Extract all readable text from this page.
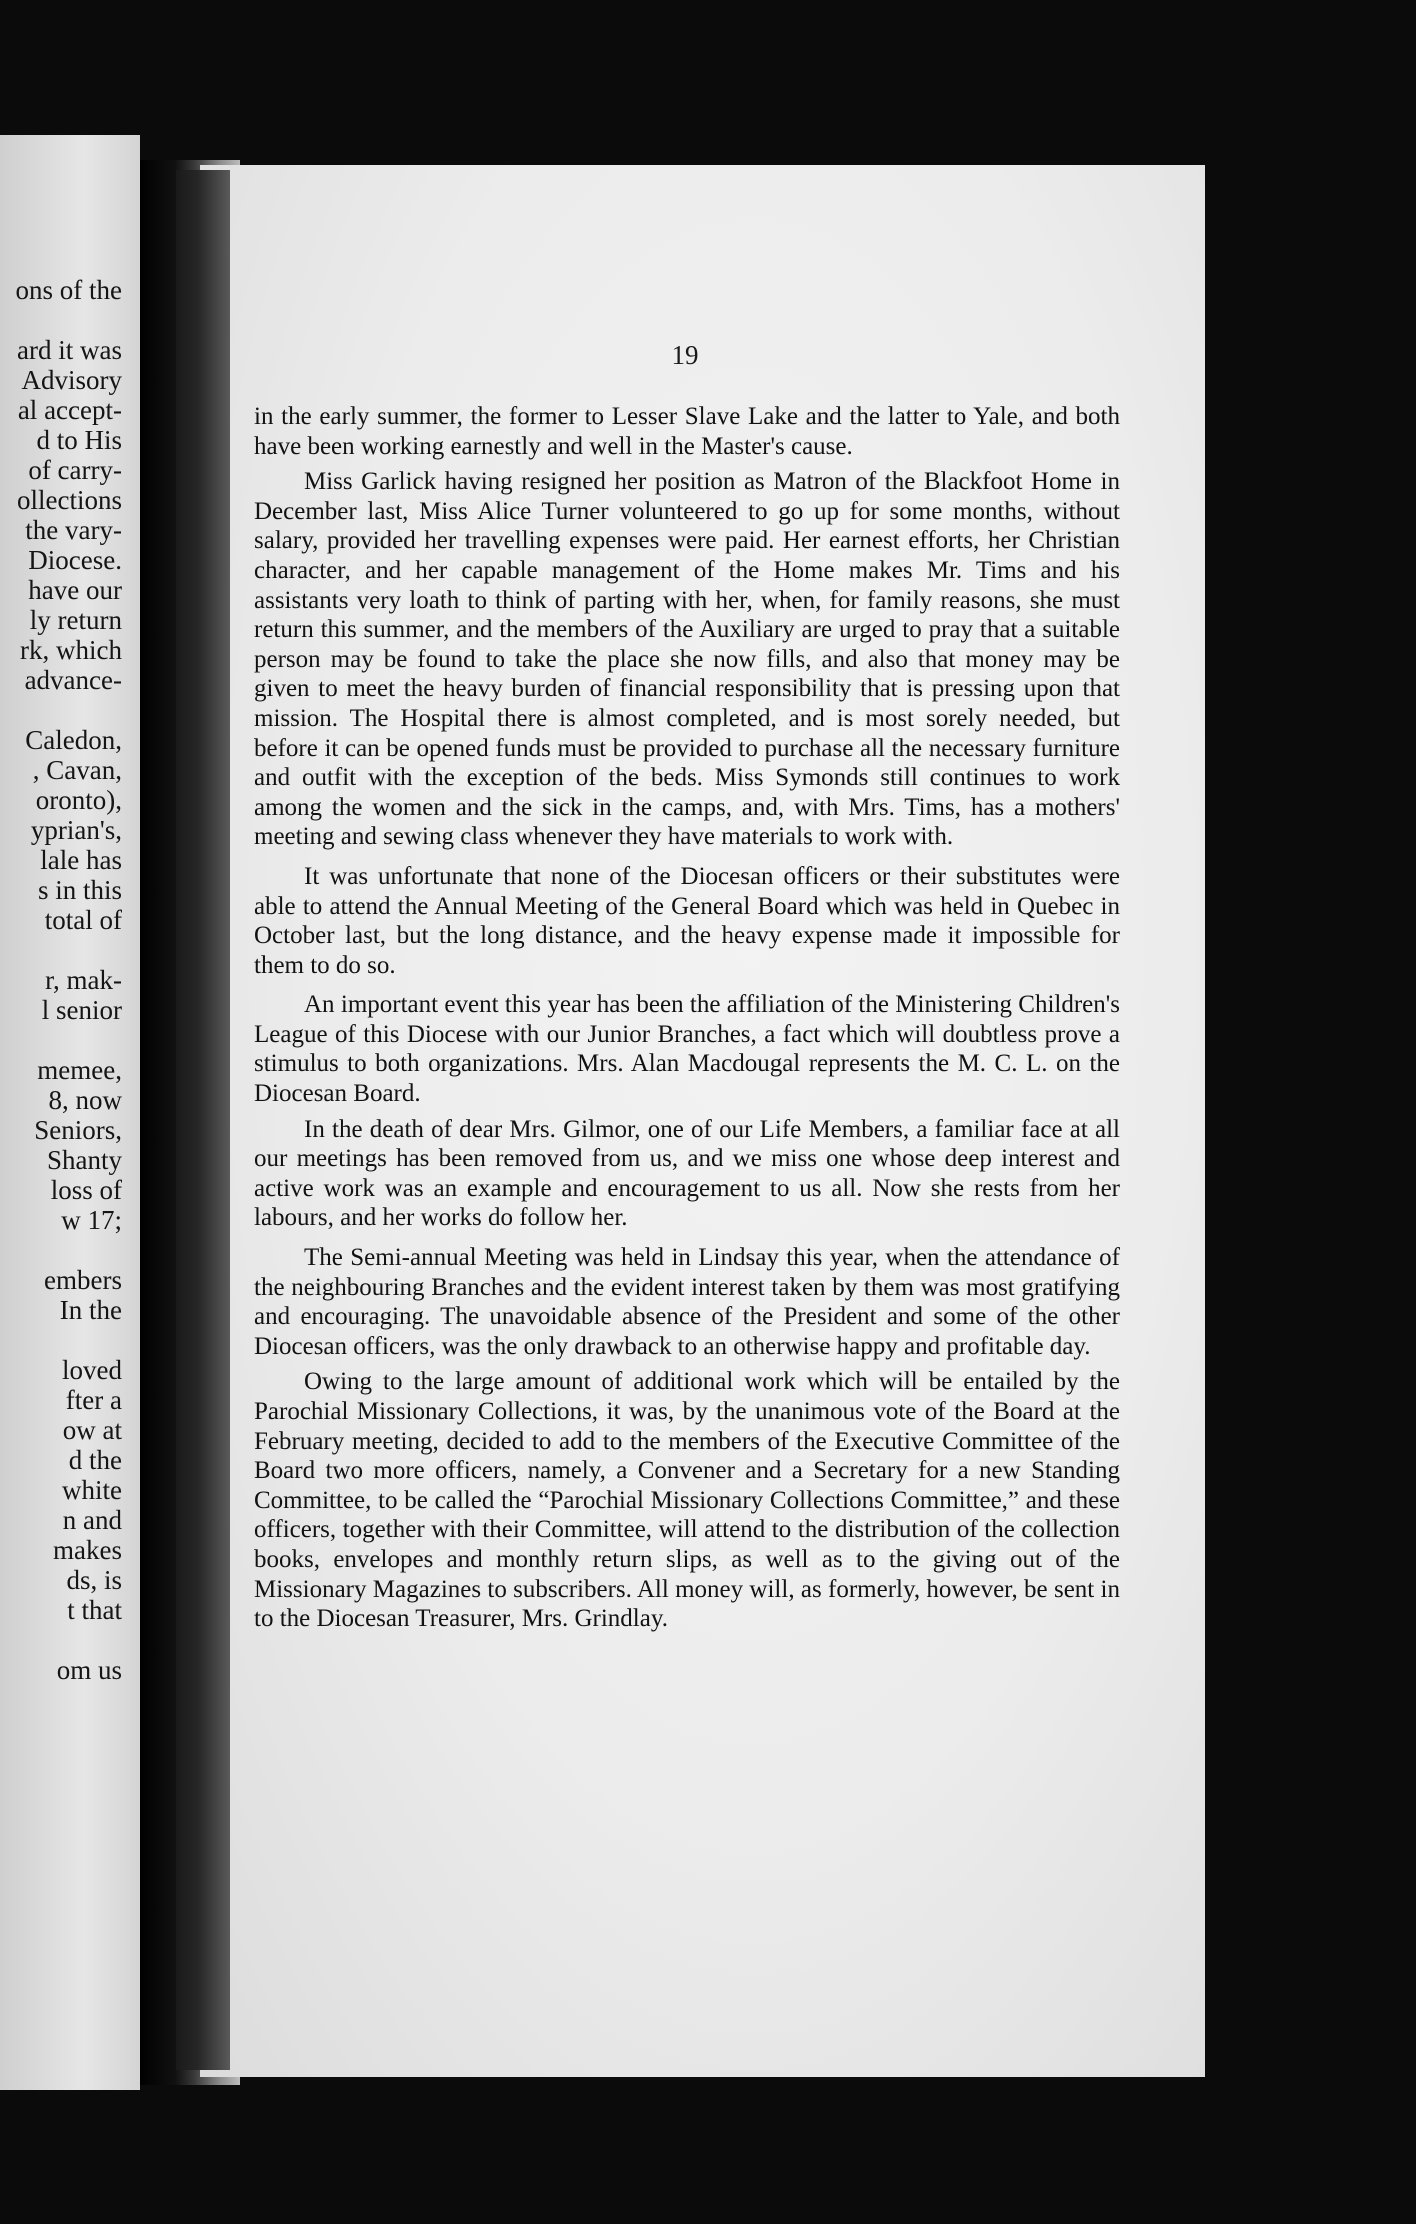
ons of the
ard it was
Advisory
al accept-
d to His
of carry-
ollections
the vary-
Diocese.
have our
ly return
rk, which
advance-
Caledon,
, Cavan,
oronto),
yprian's,
lale has
s in this
total of
r, mak-
l senior
memee,
8, now
Seniors,
Shanty
loss of
w 17;
embers
In the
loved
fter a
ow at
d the
white
n and
makes
ds, is
t that
om us
19

in the early summer, the former to Lesser Slave Lake and the latter to Yale, and both have been working earnestly and well in the Master's cause.

Miss Garlick having resigned her position as Matron of the Blackfoot Home in December last, Miss Alice Turner volunteered to go up for some months, without salary, provided her travelling expenses were paid. Her earnest efforts, her Christian character, and her capable management of the Home makes Mr. Tims and his assistants very loath to think of parting with her, when, for family reasons, she must return this summer, and the members of the Auxiliary are urged to pray that a suitable person may be found to take the place she now fills, and also that money may be given to meet the heavy burden of financial responsibility that is pressing upon that mission. The Hospital there is almost completed, and is most sorely needed, but before it can be opened funds must be provided to purchase all the necessary furniture and outfit with the exception of the beds. Miss Symonds still continues to work among the women and the sick in the camps, and, with Mrs. Tims, has a mothers' meeting and sewing class whenever they have materials to work with.

It was unfortunate that none of the Diocesan officers or their substitutes were able to attend the Annual Meeting of the General Board which was held in Quebec in October last, but the long distance, and the heavy expense made it impossible for them to do so.

An important event this year has been the affiliation of the Ministering Children's League of this Diocese with our Junior Branches, a fact which will doubtless prove a stimulus to both organizations. Mrs. Alan Macdougal represents the M. C. L. on the Diocesan Board.

In the death of dear Mrs. Gilmor, one of our Life Members, a familiar face at all our meetings has been removed from us, and we miss one whose deep interest and active work was an example and encouragement to us all. Now she rests from her labours, and her works do follow her.

The Semi-annual Meeting was held in Lindsay this year, when the attendance of the neighbouring Branches and the evident interest taken by them was most gratifying and encouraging. The unavoidable absence of the President and some of the other Diocesan officers, was the only drawback to an otherwise happy and profitable day.

Owing to the large amount of additional work which will be entailed by the Parochial Missionary Collections, it was, by the unanimous vote of the Board at the February meeting, decided to add to the members of the Executive Committee of the Board two more officers, namely, a Convener and a Secretary for a new Standing Committee, to be called the “Parochial Missionary Collections Committee,” and these officers, together with their Committee, will attend to the distribution of the collection books, envelopes and monthly return slips, as well as to the giving out of the Missionary Magazines to subscribers. All money will, as formerly, however, be sent in to the Diocesan Treasurer, Mrs. Grindlay.
